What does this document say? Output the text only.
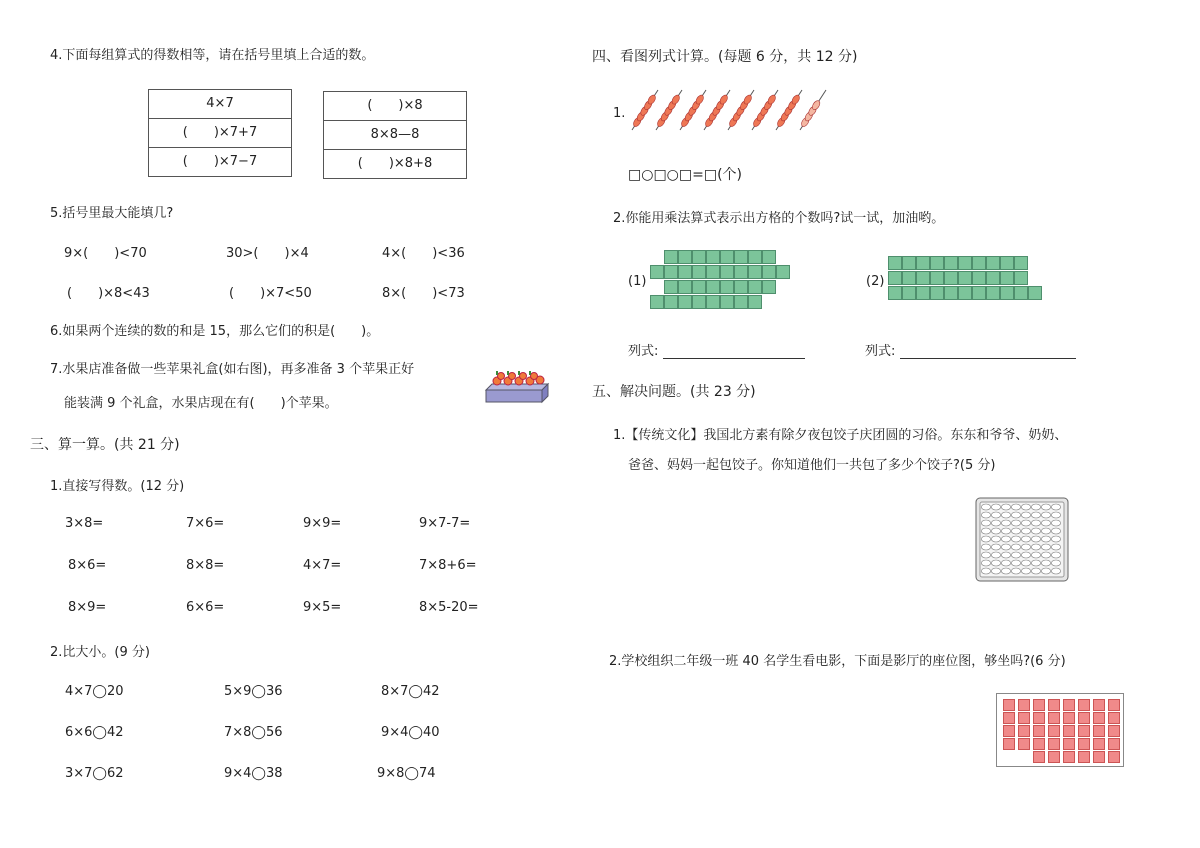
4.下面每组算式的得数相等，请在括号里填上合适的数。
4×7
(　　)×7+7
(　　)×7−7
(　　)×8
8×8—8
(　　)×8+8
5.括号里最大能填几?
9×(　　)<70	30>(　　)×4	4×(　　)<36
(　　)×8<43	(　　)×7<50	8×(　　)<73
6.如果两个连续的数的和是 15，那么它们的积是(　　)。
7.水果店准备做一些苹果礼盒(如右图)，再多准备 3 个苹果正好
能装满 9 个礼盒，水果店现在有(　　)个苹果。
三、算一算。(共 21 分)
1.直接写得数。(12 分)
3×8=	7×6=	9×9=	9×7-7=
8×6=	8×8=	4×7=	7×8+6=
8×9=	6×6=	9×5=	8×5-20=
2.比大小。(9 分)
4×7◯20	5×9◯36	8×7◯42
6×6◯42	7×8◯56	9×4◯40
3×7◯62	9×4◯38	9×8◯74
四、看图列式计算。(每题 6 分，共 12 分)
1.
□○□○□=□(个)
2.你能用乘法算式表示出方格的个数吗?试一试，加油哟。
(1)	(2)
列式:	列式:
五、解决问题。(共 23 分)
1.【传统文化】我国北方素有除夕夜包饺子庆团圆的习俗。东东和爷爷、奶奶、
爸爸、妈妈一起包饺子。你知道他们一共包了多少个饺子?(5 分)
2.学校组织二年级一班 40 名学生看电影，下面是影厅的座位图，够坐吗?(6 分)
